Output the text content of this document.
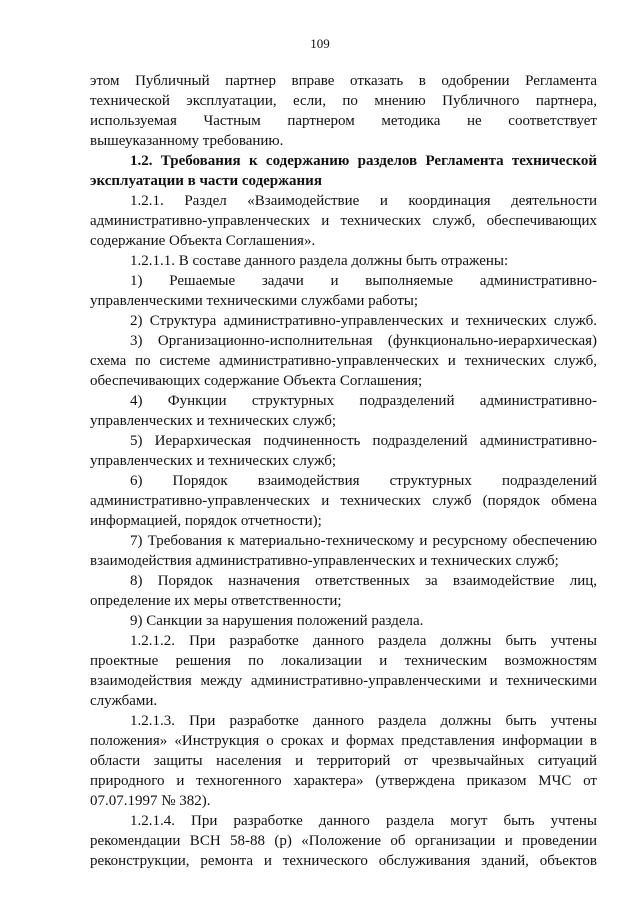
109
этом Публичный партнер вправе отказать в одобрении Регламента
технической эксплуатации, если, по мнению Публичного партнера,
используемая Частным партнером методика не соответствует
вышеуказанному требованию.
1.2. Требования к содержанию разделов Регламента технической
эксплуатации в части содержания
1.2.1. Раздел «Взаимодействие и координация деятельности
административно-управленческих и технических служб, обеспечивающих
содержание Объекта Соглашения».
1.2.1.1. В составе данного раздела должны быть отражены:
1) Решаемые задачи и выполняемые административно-
управленческими техническими службами работы;
2) Структура административно-управленческих и технических служб.
3) Организационно-исполнительная (функционально-иерархическая)
схема по системе административно-управленческих и технических служб,
обеспечивающих содержание Объекта Соглашения;
4) Функции структурных подразделений административно-
управленческих и технических служб;
5) Иерархическая подчиненность подразделений административно-
управленческих и технических служб;
6) Порядок взаимодействия структурных подразделений
административно-управленческих и технических служб (порядок обмена
информацией, порядок отчетности);
7) Требования к материально-техническому и ресурсному обеспечению
взаимодействия административно-управленческих и технических служб;
8) Порядок назначения ответственных за взаимодействие лиц,
определение их меры ответственности;
9) Санкции за нарушения положений раздела.
1.2.1.2. При разработке данного раздела должны быть учтены
проектные решения по локализации и техническим возможностям
взаимодействия между административно-управленческими и техническими
службами.
1.2.1.3. При разработке данного раздела должны быть учтены
положения» «Инструкция о сроках и формах представления информации в
области защиты населения и территорий от чрезвычайных ситуаций
природного и техногенного характера» (утверждена приказом МЧС от
07.07.1997 № 382).
1.2.1.4. При разработке данного раздела могут быть учтены
рекомендации ВСН 58-88 (р) «Положение об организации и проведении
реконструкции, ремонта и технического обслуживания зданий, объектов
